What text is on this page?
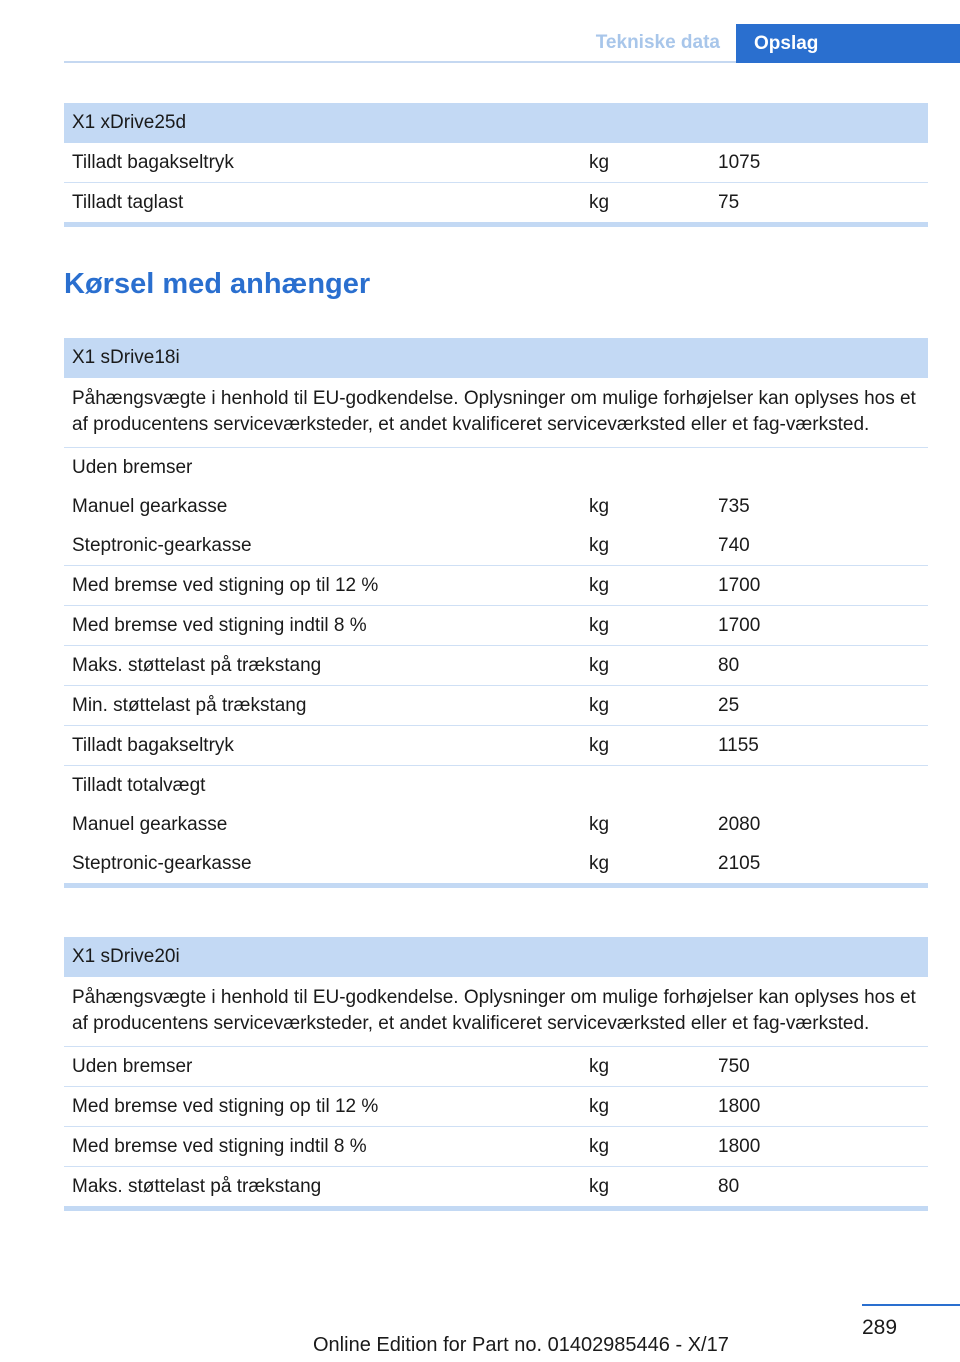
Tekniske data	Opslag
X1 xDrive25d
Tilladt bagakseltryk	kg	1075
Tilladt taglast	kg	75
Kørsel med anhænger
X1 sDrive18i
Påhængsvægte i henhold til EU-godkendelse. Oplysninger om mulige forhøjelser kan oplyses hos et af producentens serviceværksteder, et andet kvalificeret serviceværksted eller et fag-værksted.
Uden bremser
Manuel gearkasse	kg	735
Steptronic-gearkasse	kg	740
Med bremse ved stigning op til 12 %	kg	1700
Med bremse ved stigning indtil 8 %	kg	1700
Maks. støttelast på trækstang	kg	80
Min. støttelast på trækstang	kg	25
Tilladt bagakseltryk	kg	1155
Tilladt totalvægt
Manuel gearkasse	kg	2080
Steptronic-gearkasse	kg	2105
X1 sDrive20i
Påhængsvægte i henhold til EU-godkendelse. Oplysninger om mulige forhøjelser kan oplyses hos et af producentens serviceværksteder, et andet kvalificeret serviceværksted eller et fag-værksted.
Uden bremser	kg	750
Med bremse ved stigning op til 12 %	kg	1800
Med bremse ved stigning indtil 8 %	kg	1800
Maks. støttelast på trækstang	kg	80
289
Online Edition for Part no. 01402985446 - X/17
